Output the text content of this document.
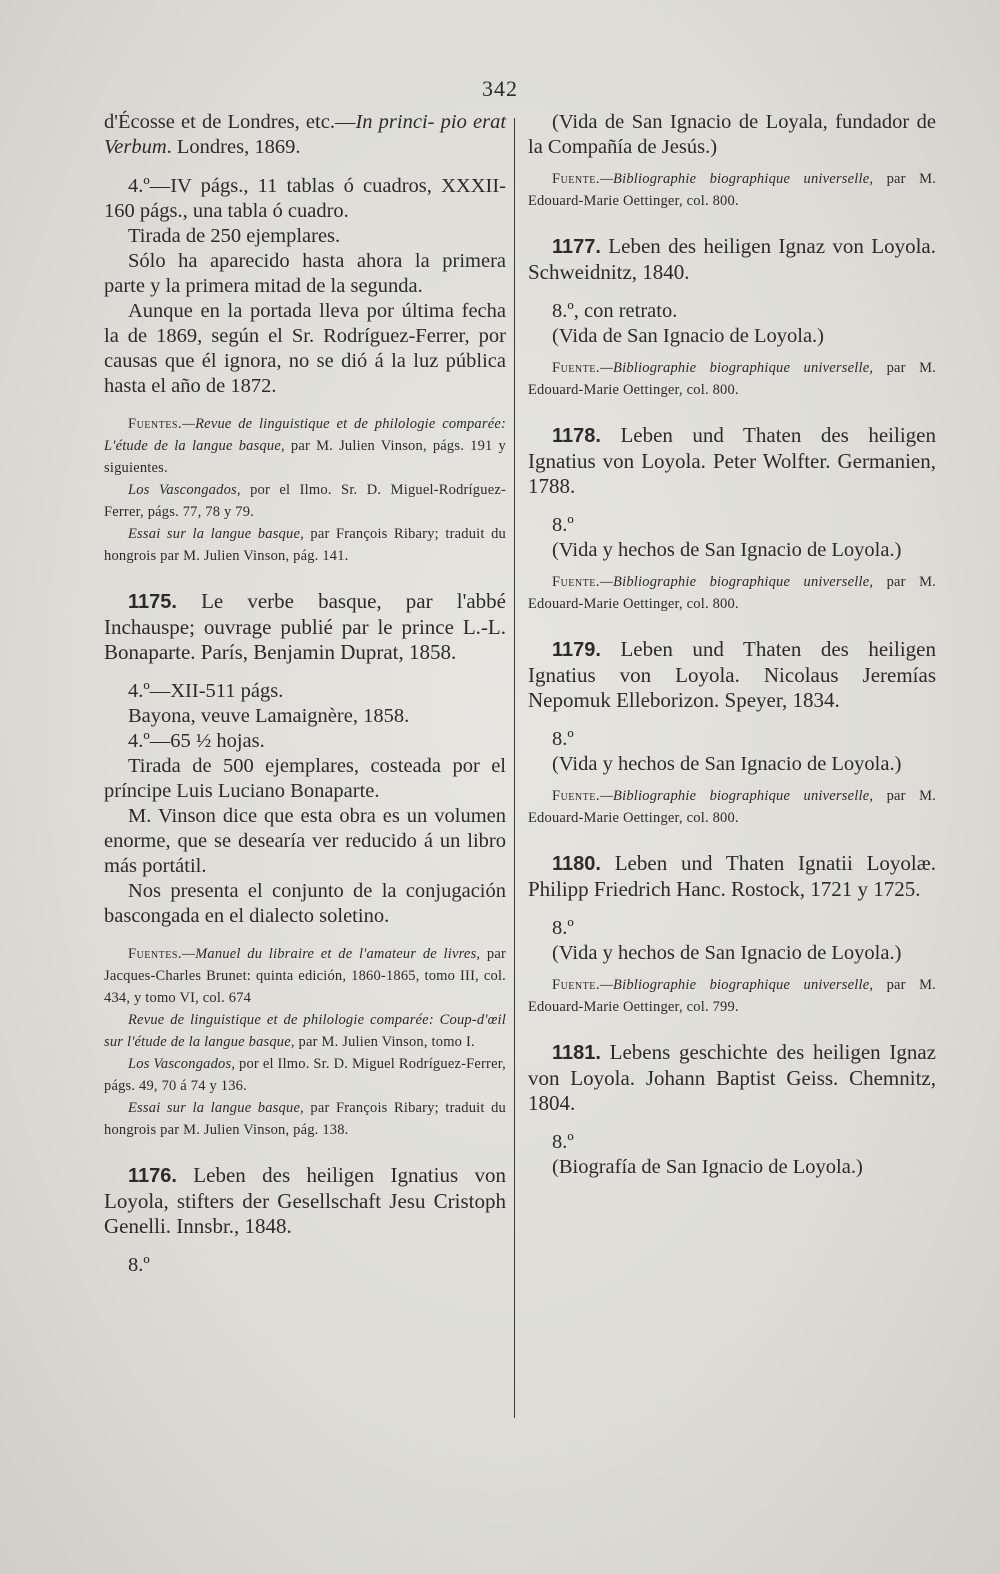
342

d'Écosse et de Londres, etc.—In princi- pio erat Verbum. Londres, 1869.

4.º—IV págs., 11 tablas ó cuadros, XXXII-160 págs., una tabla ó cuadro.

Tirada de 250 ejemplares.

Sólo ha aparecido hasta ahora la primera parte y la primera mitad de la segunda.

Aunque en la portada lleva por última fecha la de 1869, según el Sr. Rodríguez-Ferrer, por causas que él ignora, no se dió á la luz pública hasta el año de 1872.

Fuentes.—Revue de linguistique et de philologie comparée: L'étude de la langue basque, par M. Julien Vinson, págs. 191 y siguientes.

Los Vascongados, por el Ilmo. Sr. D. Miguel-Rodríguez-Ferrer, págs. 77, 78 y 79.

Essai sur la langue basque, par François Ribary; traduit du hongrois par M. Julien Vinson, pág. 141.

1175. Le verbe basque, par l'abbé Inchauspe; ouvrage publié par le prince L.-L. Bonaparte. París, Benjamin Duprat, 1858.

4.º—XII-511 págs.

Bayona, veuve Lamaignère, 1858.

4.º—65 ½ hojas.

Tirada de 500 ejemplares, costeada por el príncipe Luis Luciano Bonaparte.

M. Vinson dice que esta obra es un volumen enorme, que se desearía ver reducido á un libro más portátil.

Nos presenta el conjunto de la conjugación bascongada en el dialecto soletino.

Fuentes.—Manuel du libraire et de l'amateur de livres, par Jacques-Charles Brunet: quinta edición, 1860-1865, tomo III, col. 434, y tomo VI, col. 674

Revue de linguistique et de philologie comparée: Coup-d'œil sur l'étude de la langue basque, par M. Julien Vinson, tomo I.

Los Vascongados, por el Ilmo. Sr. D. Miguel Rodríguez-Ferrer, págs. 49, 70 á 74 y 136.

Essai sur la langue basque, par François Ribary; traduit du hongrois par M. Julien Vinson, pág. 138.

1176. Leben des heiligen Ignatius von Loyola, stifters der Gesellschaft Jesu Cristoph Genelli. Innsbr., 1848.

8.º

(Vida de San Ignacio de Loyala, fundador de la Compañía de Jesús.)

Fuente.—Bibliographie biographique universelle, par M. Edouard-Marie Oettinger, col. 800.

1177. Leben des heiligen Ignaz von Loyola. Schweidnitz, 1840.

8.º, con retrato.

(Vida de San Ignacio de Loyola.)

Fuente.—Bibliographie biographique universelle, par M. Edouard-Marie Oettinger, col. 800.

1178. Leben und Thaten des heiligen Ignatius von Loyola. Peter Wolfter. Germanien, 1788.

8.º

(Vida y hechos de San Ignacio de Loyola.)

Fuente.—Bibliographie biographique universelle, par M. Edouard-Marie Oettinger, col. 800.

1179. Leben und Thaten des heiligen Ignatius von Loyola. Nicolaus Jeremías Nepomuk Elleborizon. Speyer, 1834.

8.º

(Vida y hechos de San Ignacio de Loyola.)

Fuente.—Bibliographie biographique universelle, par M. Edouard-Marie Oettinger, col. 800.

1180. Leben und Thaten Ignatii Loyolæ. Philipp Friedrich Hanc. Rostock, 1721 y 1725.

8.º

(Vida y hechos de San Ignacio de Loyola.)

Fuente.—Bibliographie biographique universelle, par M. Edouard-Marie Oettinger, col. 799.

1181. Lebens geschichte des heiligen Ignaz von Loyola. Johann Baptist Geiss. Chemnitz, 1804.

8.º

(Biografía de San Ignacio de Loyola.)
